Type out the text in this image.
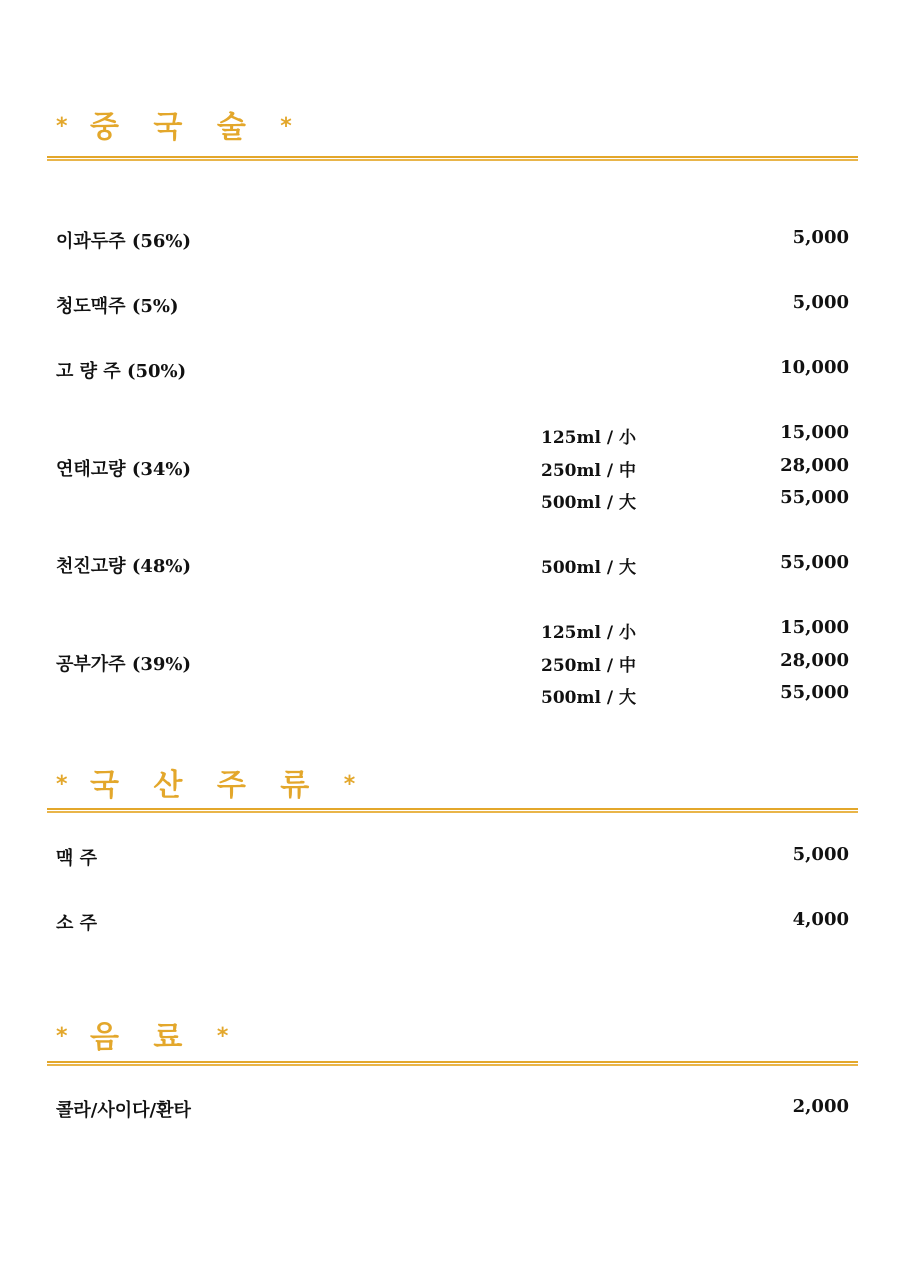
* 중 국 술 *
이과두주 (56%)	5,000
청도맥주 (5%)	5,000
고 량 주 (50%)	10,000
연태고량 (34%)
125ml / 小	15,000
250ml / 中	28,000
500ml / 大	55,000
천진고량 (48%)	500ml / 大	55,000
공부가주 (39%)
125ml / 小	15,000
250ml / 中	28,000
500ml / 大	55,000
* 국 산 주 류 *
맥 주	5,000
소 주	4,000
* 음 료 *
콜라/사이다/환타	2,000
